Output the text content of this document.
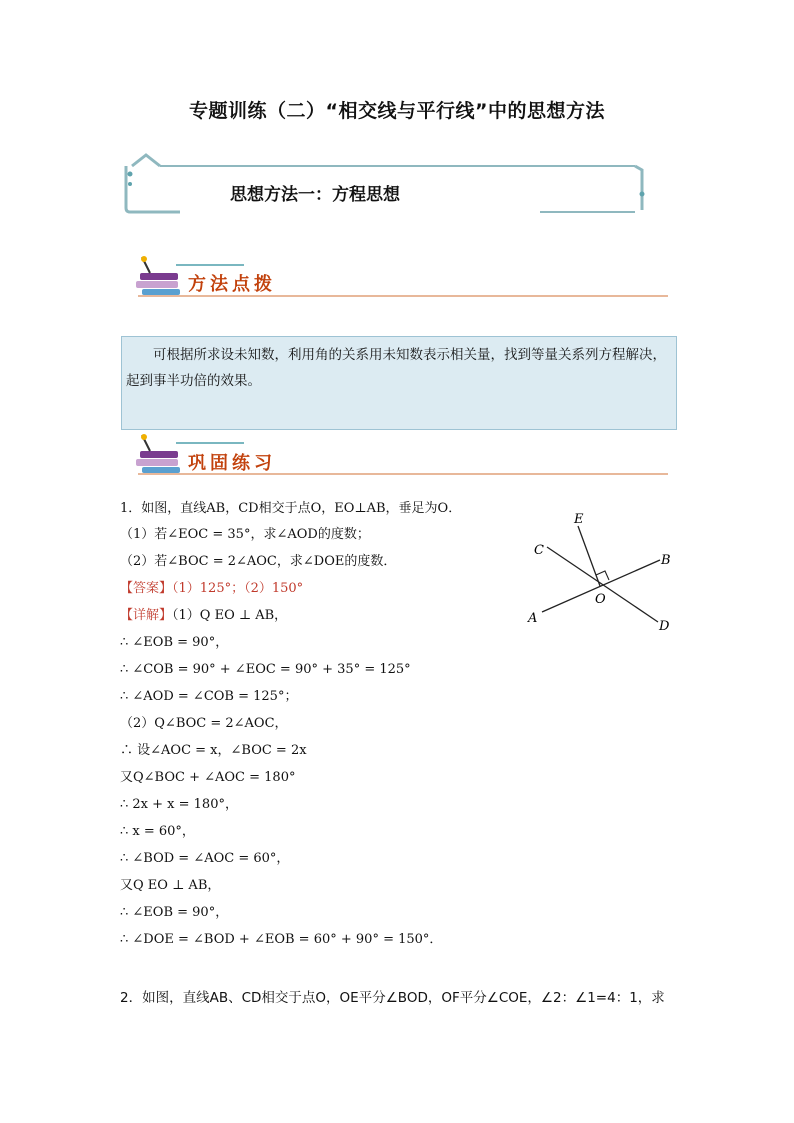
专题训练（二）“相交线与平行线”中的思想方法
思想方法一：方程思想
方法点拨
可根据所求设未知数，利用角的关系用未知数表示相关量，找到等量关系列方程解决，起到事半功倍的效果。
巩固练习
1．如图，直线AB，CD相交于点O，EO⊥AB，垂足为O．
（1）若∠EOC = 35°，求∠AOD的度数；
（2）若∠BOC = 2∠AOC，求∠DOE的度数．
【答案】（1）125°；（2）150°
【详解】（1）Q EO ⊥ AB，
∴ ∠EOB = 90°，
∴ ∠COB = 90° + ∠EOC = 90° + 35° = 125°
∴ ∠AOD = ∠COB = 125°；
（2）Q∠BOC = 2∠AOC，
∴ 设∠AOC = x，∠BOC = 2x
又Q∠BOC + ∠AOC = 180°
∴ 2x + x = 180°，
∴ x = 60°，
∴ ∠BOD = ∠AOC = 60°，
又Q EO ⊥ AB，
∴ ∠EOB = 90°，
∴ ∠DOE = ∠BOD + ∠EOB = 60° + 90° = 150°．
E
C
B
O
A
D
2．如图，直线AB、CD相交于点O，OE平分∠BOD，OF平分∠COE，∠2：∠1=4：1，求
